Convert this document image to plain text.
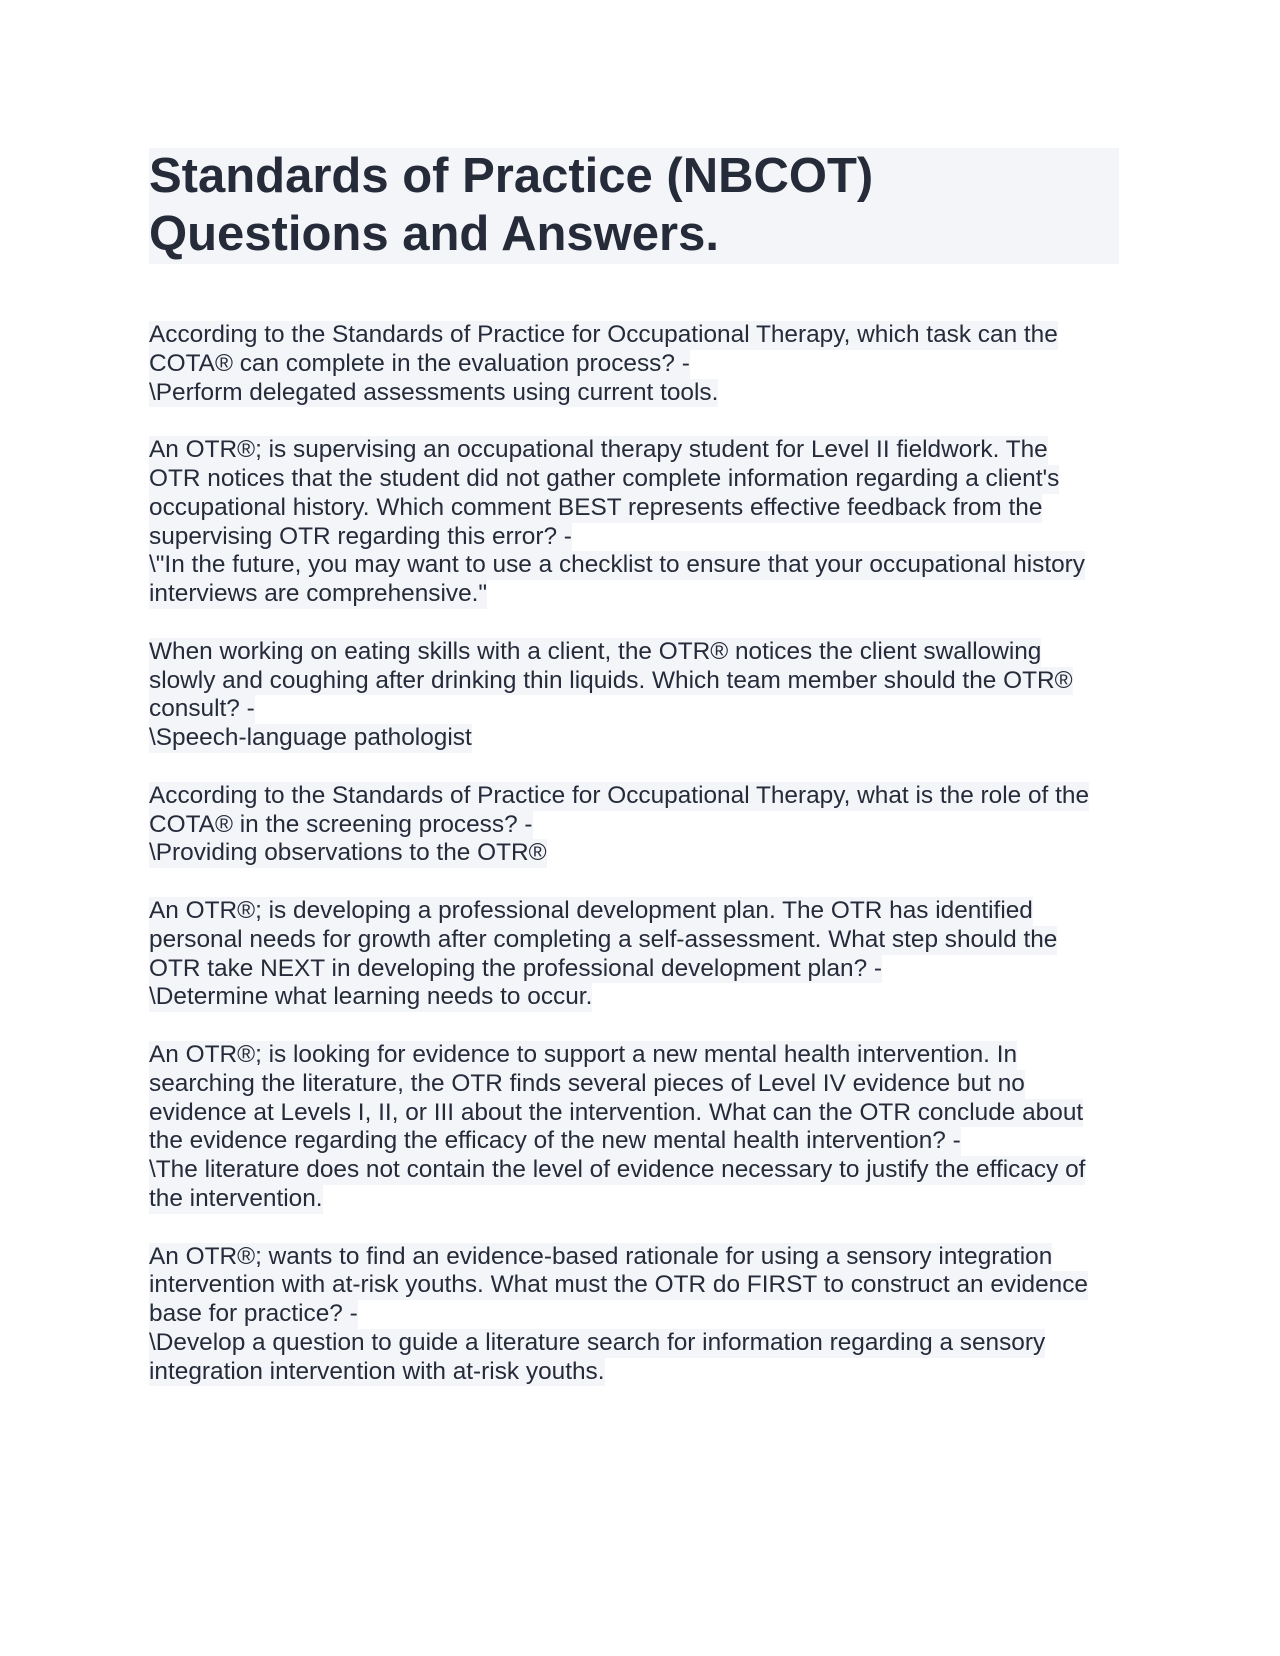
Standards of Practice (NBCOT)
Questions and Answers.
According to the Standards of Practice for Occupational Therapy, which task can the
COTA® can complete in the evaluation process? -
\Perform delegated assessments using current tools.
An OTR®; is supervising an occupational therapy student for Level II fieldwork. The
OTR notices that the student did not gather complete information regarding a client's
occupational history. Which comment BEST represents effective feedback from the
supervising OTR regarding this error? -
\"In the future, you may want to use a checklist to ensure that your occupational history
interviews are comprehensive."
When working on eating skills with a client, the OTR® notices the client swallowing
slowly and coughing after drinking thin liquids. Which team member should the OTR®
consult? -
\Speech-language pathologist
According to the Standards of Practice for Occupational Therapy, what is the role of the
COTA® in the screening process? -
\Providing observations to the OTR®
An OTR®; is developing a professional development plan. The OTR has identified
personal needs for growth after completing a self-assessment. What step should the
OTR take NEXT in developing the professional development plan? -
\Determine what learning needs to occur.
An OTR®; is looking for evidence to support a new mental health intervention. In
searching the literature, the OTR finds several pieces of Level IV evidence but no
evidence at Levels I, II, or III about the intervention. What can the OTR conclude about
the evidence regarding the efficacy of the new mental health intervention? -
\The literature does not contain the level of evidence necessary to justify the efficacy of
the intervention.
An OTR®; wants to find an evidence-based rationale for using a sensory integration
intervention with at-risk youths. What must the OTR do FIRST to construct an evidence
base for practice? -
\Develop a question to guide a literature search for information regarding a sensory
integration intervention with at-risk youths.
